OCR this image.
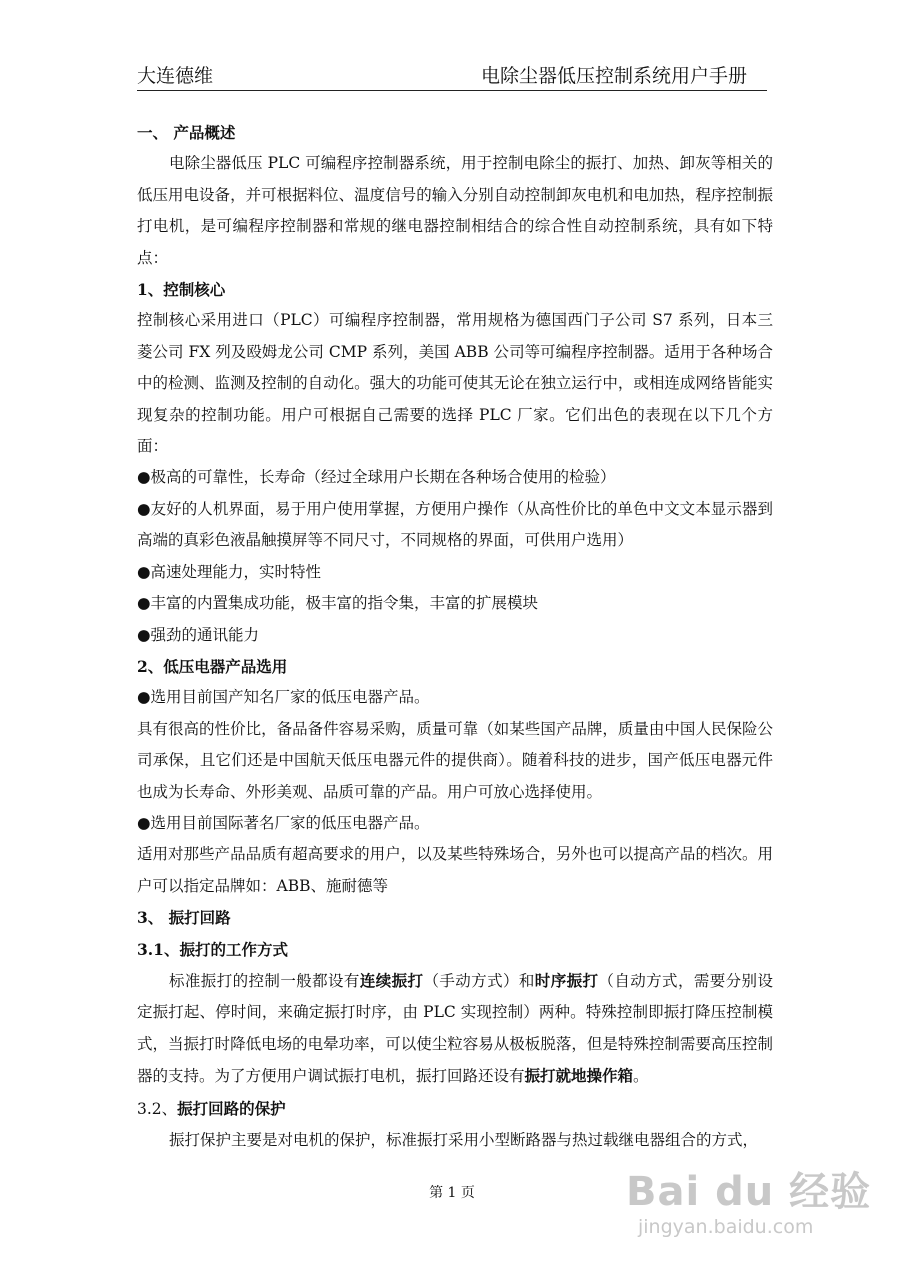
大连德维	电除尘器低压控制系统用户手册

一、 产品概述

电除尘器低压 PLC 可编程序控制器系统，用于控制电除尘的振打、加热、卸灰等相关的低压用电设备，并可根据料位、温度信号的输入分别自动控制卸灰电机和电加热，程序控制振打电机，是可编程序控制器和常规的继电器控制相结合的综合性自动控制系统，具有如下特点：

1、控制核心

控制核心采用进口（PLC）可编程序控制器，常用规格为德国西门子公司 S7 系列，日本三菱公司 FX 列及殴姆龙公司 CMP 系列，美国 ABB 公司等可编程序控制器。适用于各种场合中的检测、监测及控制的自动化。强大的功能可使其无论在独立运行中，或相连成网络皆能实现复杂的控制功能。用户可根据自己需要的选择 PLC 厂家。它们出色的表现在以下几个方面：

● 极高的可靠性，长寿命（经过全球用户长期在各种场合使用的检验）

● 友好的人机界面，易于用户使用掌握，方便用户操作（从高性价比的单色中文文本显示器到高端的真彩色液晶触摸屏等不同尺寸，不同规格的界面，可供用户选用）

● 高速处理能力，实时特性

● 丰富的内置集成功能，极丰富的指令集，丰富的扩展模块

● 强劲的通讯能力

2、低压电器产品选用

● 选用目前国产知名厂家的低压电器产品。

具有很高的性价比，备品备件容易采购，质量可靠（如某些国产品牌，质量由中国人民保险公司承保，且它们还是中国航天低压电器元件的提供商）。随着科技的进步，国产低压电器元件也成为长寿命、外形美观、品质可靠的产品。用户可放心选择使用。

● 选用目前国际著名厂家的低压电器产品。

适用对那些产品品质有超高要求的用户，以及某些特殊场合，另外也可以提高产品的档次。用户可以指定品牌如：ABB、施耐德等

3、 振打回路

3.1、振打的工作方式

标准振打的控制一般都设有连续振打（手动方式）和时序振打（自动方式，需要分别设定振打起、停时间，来确定振打时序，由 PLC 实现控制）两种。特殊控制即振打降压控制模式，当振打时降低电场的电晕功率，可以使尘粒容易从极板脱落，但是特殊控制需要高压控制器的支持。为了方便用户调试振打电机，振打回路还设有振打就地操作箱。

3.2、振打回路的保护

振打保护主要是对电机的保护，标准振打采用小型断路器与热过载继电器组合的方式，

第 1 页	Bai du 经验
jingyan.baidu.com
